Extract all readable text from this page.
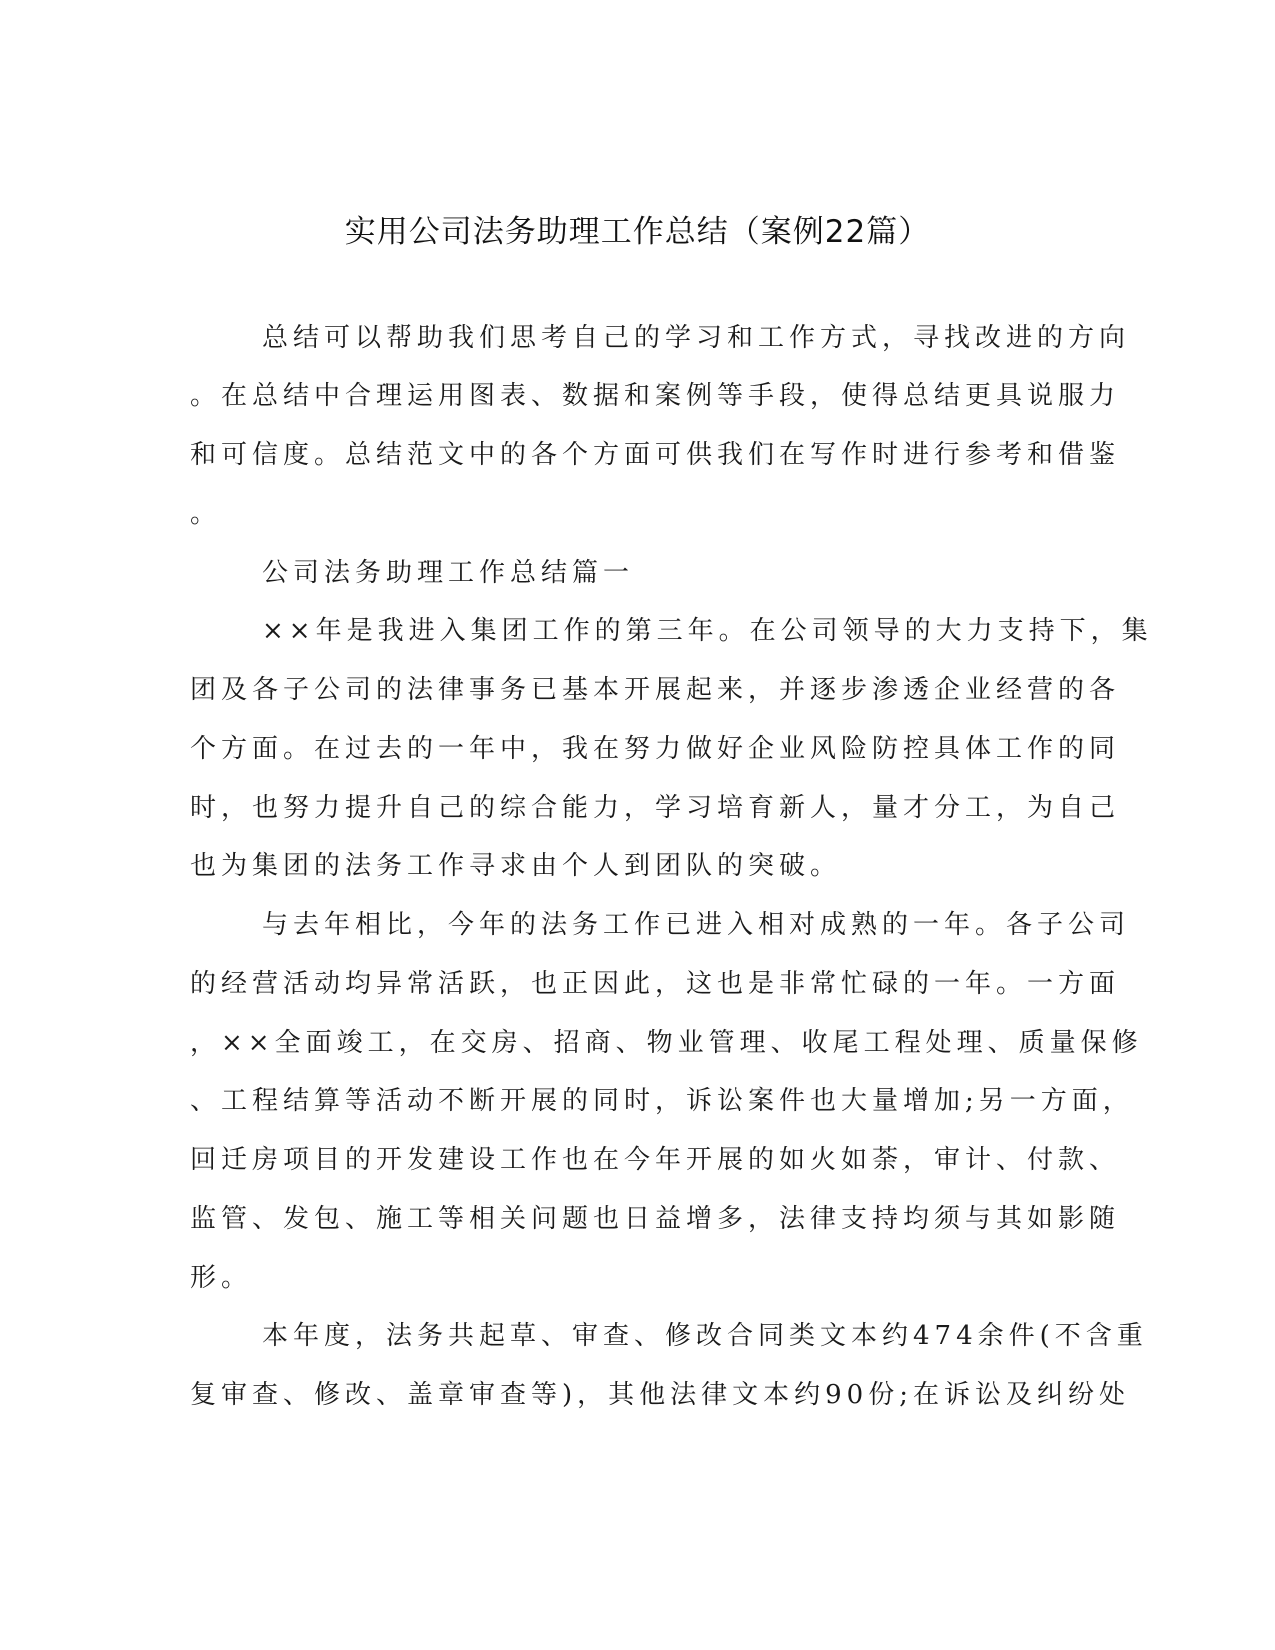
实用公司法务助理工作总结（案例22篇）

总结可以帮助我们思考自己的学习和工作方式，寻找改进的方向

。在总结中合理运用图表、数据和案例等手段，使得总结更具说服力

和可信度。总结范文中的各个方面可供我们在写作时进行参考和借鉴

。

公司法务助理工作总结篇一

××年是我进入集团工作的第三年。在公司领导的大力支持下，集

团及各子公司的法律事务已基本开展起来，并逐步渗透企业经营的各

个方面。在过去的一年中，我在努力做好企业风险防控具体工作的同

时，也努力提升自己的综合能力，学习培育新人，量才分工，为自己

也为集团的法务工作寻求由个人到团队的突破。

与去年相比，今年的法务工作已进入相对成熟的一年。各子公司

的经营活动均异常活跃，也正因此，这也是非常忙碌的一年。一方面

，××全面竣工，在交房、招商、物业管理、收尾工程处理、质量保修

、工程结算等活动不断开展的同时，诉讼案件也大量增加;另一方面，

回迁房项目的开发建设工作也在今年开展的如火如荼，审计、付款、

监管、发包、施工等相关问题也日益增多，法律支持均须与其如影随

形。

本年度，法务共起草、审查、修改合同类文本约474余件(不含重

复审查、修改、盖章审查等)，其他法律文本约90份;在诉讼及纠纷处
